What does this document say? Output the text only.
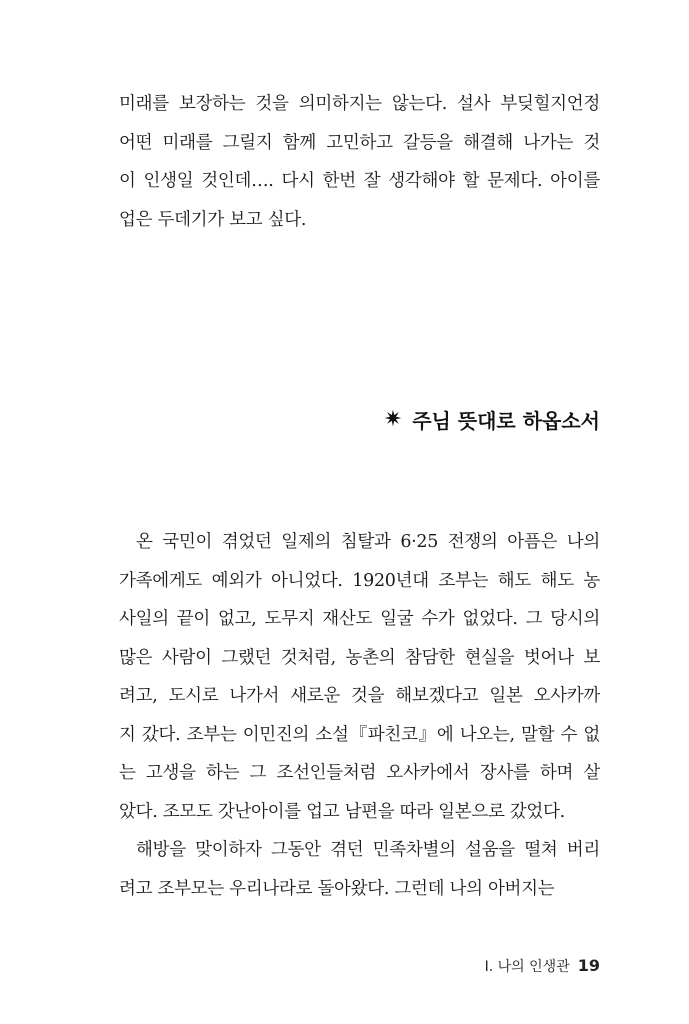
미래를 보장하는 것을 의미하지는 않는다. 설사 부딪힐지언정
어떤 미래를 그릴지 함께 고민하고 갈등을 해결해 나가는 것
이 인생일 것인데…. 다시 한번 잘 생각해야 할 문제다. 아이를
업은 두데기가 보고 싶다.
✷ 주님 뜻대로 하옵소서
온 국민이 겪었던 일제의 침탈과 6·25 전쟁의 아픔은 나의
가족에게도 예외가 아니었다. 1920년대 조부는 해도 해도 농
사일의 끝이 없고, 도무지 재산도 일굴 수가 없었다. 그 당시의
많은 사람이 그랬던 것처럼, 농촌의 참담한 현실을 벗어나 보
려고, 도시로 나가서 새로운 것을 해보겠다고 일본 오사카까
지 갔다. 조부는 이민진의 소설『파친코』에 나오는, 말할 수 없
는 고생을 하는 그 조선인들처럼 오사카에서 장사를 하며 살
았다. 조모도 갓난아이를 업고 남편을 따라 일본으로 갔었다.
해방을 맞이하자 그동안 겪던 민족차별의 설움을 떨쳐 버리
려고 조부모는 우리나라로 돌아왔다. 그런데 나의 아버지는
Ⅰ. 나의 인생관 19
